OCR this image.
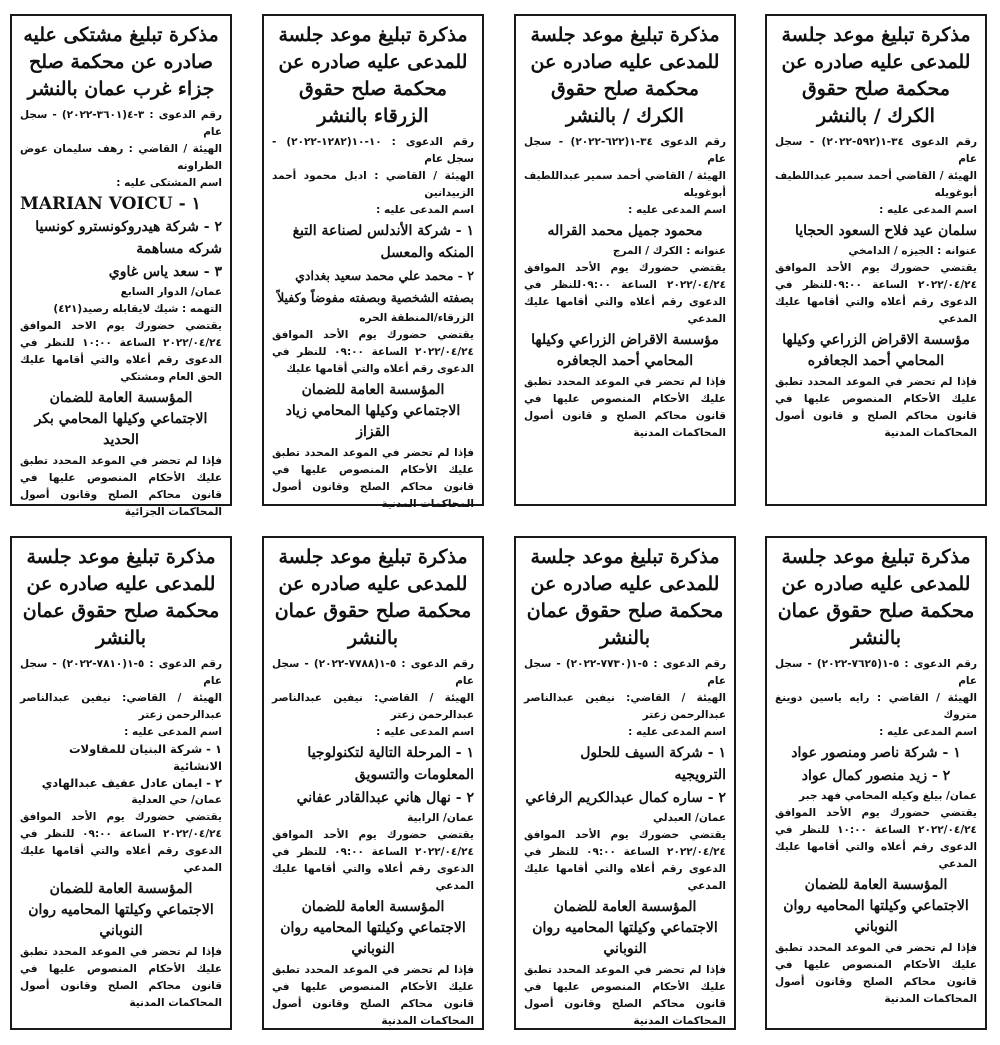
مذكرة تبليغ موعد جلسة للمدعى عليه صادره عن محكمة صلح حقوق الكرك / بالنشر
رقم الدعوى ٣٤-١(٥٩٢-٢٠٢٢) - سجل عام
الهيئة / القاضي أحمد سمير عبداللطيف أبوغويله
اسم المدعى عليه :
سلمان عيد فلاح السعود الحجايا
عنوانه : الجيزه / الدامخي
يقتضي حضورك يوم الأحد الموافق ٢٠٢٢/٠٤/٢٤ الساعة ٠٩:٠٠للنظر في الدعوى رقم أعلاه والتي أقامها عليك المدعي
مؤسسة الاقراض الزراعي وكيلها المحامي أحمد الجعافره
فإذا لم تحضر في الموعد المحدد تطبق عليك الأحكام المنصوص عليها في قانون محاكم الصلح و قانون أصول المحاكمات المدنية
مذكرة تبليغ موعد جلسة للمدعى عليه صادره عن محكمة صلح حقوق الكرك / بالنشر
رقم الدعوى ٣٤-١(٦٢٢-٢٠٢٢) - سجل عام
الهيئة / القاضي أحمد سمير عبداللطيف أبوغويله
اسم المدعى عليه :
محمود جميل محمد القراله
عنوانه : الكرك / المرج
يقتضي حضورك يوم الأحد الموافق ٢٠٢٢/٠٤/٢٤ الساعة ٠٩:٠٠للنظر في الدعوى رقم أعلاه والتي أقامها عليك المدعي
مؤسسة الاقراض الزراعي وكيلها المحامي أحمد الجعافره
فإذا لم تحضر في الموعد المحدد تطبق عليك الأحكام المنصوص عليها في قانون محاكم الصلح و قانون أصول المحاكمات المدنية
مذكرة تبليغ موعد جلسة للمدعى عليه صادره عن محكمة صلح حقوق الزرقاء بالنشر
رقم الدعوى : ١٠-١٠(١٢٨٢-٢٠٢٢) - سجل عام
الهيئة / القاضي : ادبل محمود أحمد الزبيدانين
اسم المدعى عليه :
١ - شركة الأندلس لصناعة التبغ المنكه والمعسل
٢ - محمد علي محمد سعيد بغدادي بصفته الشخصية وبصفته مفوضاً وكفيلاً
الزرقاء/المنطقة الحره
يقتضي حضورك يوم الأحد الموافق ٢٠٢٢/٠٤/٢٤ الساعة ٠٩:٠٠ للنظر في الدعوى رقم أعلاه والتي أقامها عليك
المؤسسة العامة للضمان الاجتماعي وكيلها المحامي زياد القزاز
فإذا لم تحضر في الموعد المحدد تطبق عليك الأحكام المنصوص عليها في قانون محاكم الصلح وقانون أصول المحاكمات المدنية
مذكرة تبليغ مشتكى عليه صادره عن محكمة صلح جزاء غرب عمان بالنشر
رقم الدعوى : ٣-٤(٣٦٠١-٢٠٢٢) - سجل عام
الهيئة / القاضي : رهف سليمان عوض الطراونه
اسم المشتكى عليه :
MARIAN VOICU - ١
٢ - شركة هيدروكونسترو كونسيا شركه مساهمة
٣ - سعد ياس غاوي
عمان/ الدوار السابع
التهمه : شيك لايقابله رصيد(٤٢١)
يقتضي حضورك يوم الاحد الموافق ٢٠٢٢/٠٤/٢٤ الساعة ١٠:٠٠ للنظر في الدعوى رقم أعلاه والتي أقامها عليك الحق العام ومشتكي
المؤسسة العامة للضمان الاجتماعي وكيلها المحامي بكر الحديد
فإذا لم تحضر في الموعد المحدد تطبق عليك الأحكام المنصوص عليها في قانون محاكم الصلح وقانون أصول المحاكمات الجزائية
مذكرة تبليغ موعد جلسة للمدعى عليه صادره عن محكمة صلح حقوق عمان بالنشر
رقم الدعوى : ٥-١(٧٦٢٥-٢٠٢٢) - سجل عام
الهيئة / القاضي : رايه ياسين دوينغ متروك
اسم المدعى عليه :
١ - شركة ناصر ومنصور عواد
٢ - زيد منصور كمال عواد
عمان/ بيلغ وكيله المحامي فهد جبر
يقتضي حضورك يوم الأحد الموافق ٢٠٢٢/٠٤/٢٤ الساعة ١٠:٠٠ للنظر في الدعوى رقم أعلاه والتي أقامها عليك المدعي
المؤسسة العامة للضمان الاجتماعي وكيلتها المحاميه روان النوباني
فإذا لم تحضر في الموعد المحدد تطبق عليك الأحكام المنصوص عليها في قانون محاكم الصلح وقانون أصول المحاكمات المدنية
مذكرة تبليغ موعد جلسة للمدعى عليه صادره عن محكمة صلح حقوق عمان بالنشر
رقم الدعوى : ٥-١(٧٧٣٠-٢٠٢٢) - سجل عام
الهيئة / القاضي: نيفين عبدالناصر عبدالرحمن زعتر
اسم المدعى عليه :
١ - شركة السيف للحلول الترويجيه
٢ - ساره كمال عبدالكريم الرفاعي
عمان/ العبدلي
يقتضي حضورك يوم الأحد الموافق ٢٠٢٢/٠٤/٢٤ الساعة ٠٩:٠٠ للنظر في الدعوى رقم أعلاه والتي أقامها عليك المدعي
المؤسسة العامة للضمان الاجتماعي وكيلتها المحاميه روان النوباني
فإذا لم تحضر في الموعد المحدد تطبق عليك الأحكام المنصوص عليها في قانون محاكم الصلح وقانون أصول المحاكمات المدنية
مذكرة تبليغ موعد جلسة للمدعى عليه صادره عن محكمة صلح حقوق عمان بالنشر
رقم الدعوى : ٥-١(٧٧٨٨-٢٠٢٢) - سجل عام
الهيئة / القاضي: نيفين عبدالناصر عبدالرحمن زعتر
اسم المدعى عليه :
١ - المرحلة التالية لتكنولوجيا المعلومات والتسويق
٢ - نهال هاني عبدالقادر عفاني
عمان/ الرابية
يقتضي حضورك يوم الأحد الموافق ٢٠٢٢/٠٤/٢٤ الساعة ٠٩:٠٠ للنظر في الدعوى رقم أعلاه والتي أقامها عليك المدعي
المؤسسة العامة للضمان الاجتماعي وكيلتها المحاميه روان النوباني
فإذا لم تحضر في الموعد المحدد تطبق عليك الأحكام المنصوص عليها في قانون محاكم الصلح وقانون أصول المحاكمات المدنية
مذكرة تبليغ موعد جلسة للمدعى عليه صادره عن محكمة صلح حقوق عمان بالنشر
رقم الدعوى : ٥-١(٧٨١٠-٢٠٢٢) - سجل عام
الهيئة / القاضي: نيفين عبدالناصر عبدالرحمن زعتر
اسم المدعى عليه :
١ - شركة البنيان للمقاولات الانشائية
٢ - ايمان عادل عفيف عبدالهادي
عمان/ حي العدلية
يقتضي حضورك يوم الأحد الموافق ٢٠٢٢/٠٤/٢٤ الساعة ٠٩:٠٠ للنظر في الدعوى رقم أعلاه والتي أقامها عليك المدعي
المؤسسة العامة للضمان الاجتماعي وكيلتها المحاميه روان النوباني
فإذا لم تحضر في الموعد المحدد تطبق عليك الأحكام المنصوص عليها في قانون محاكم الصلح وقانون أصول المحاكمات المدنية
